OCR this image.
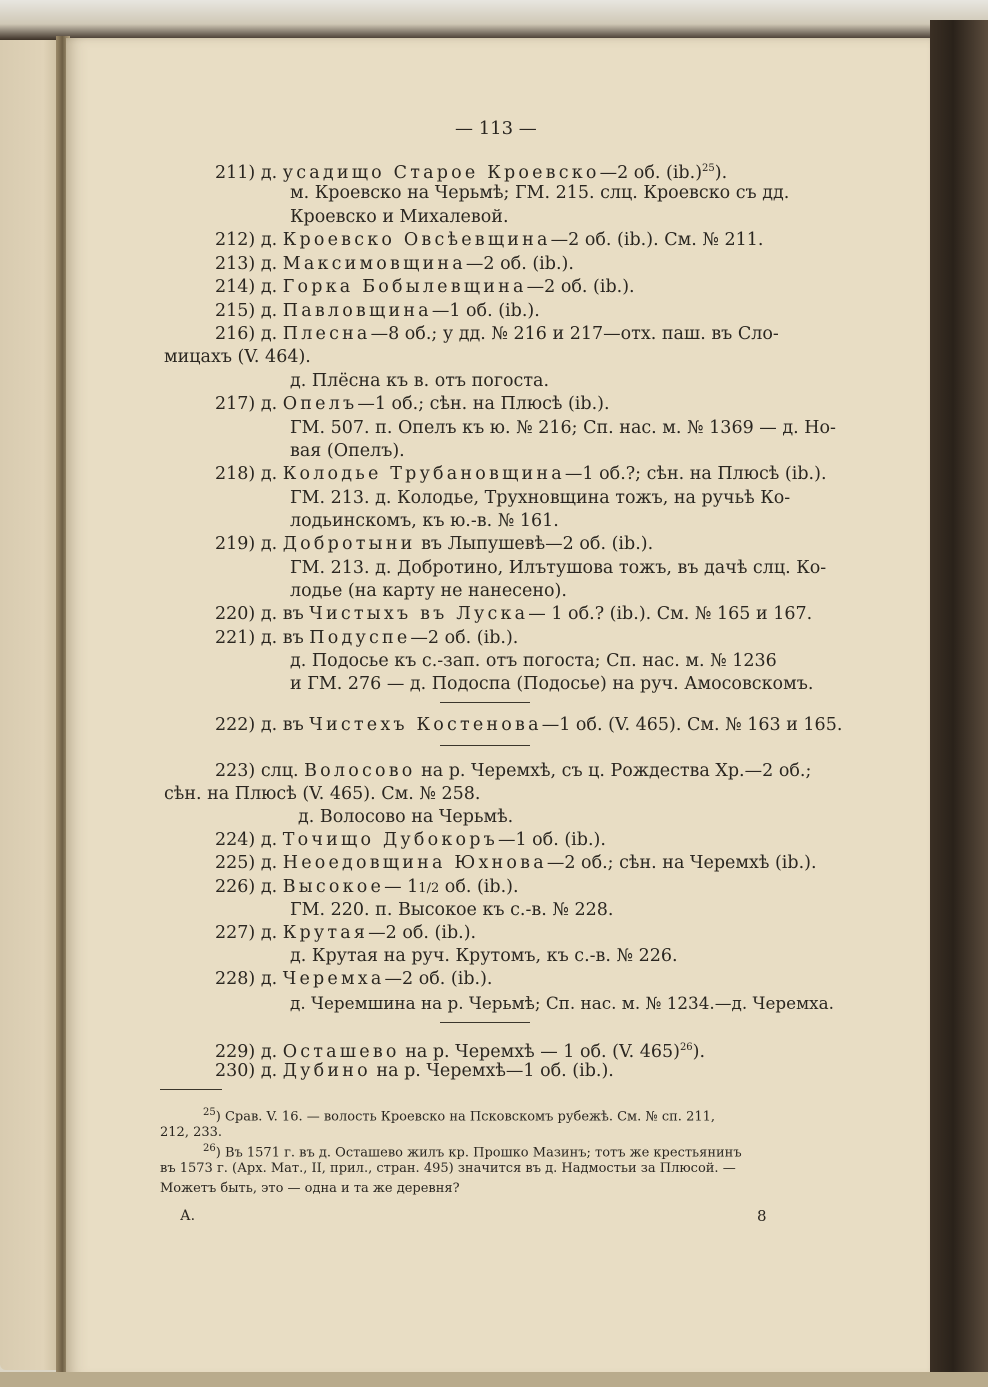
— 113 —
211) д. усадищо Старое Кроевско—2 об. $(ib.)^{25}$).
м. Кроевско на Черьмѣ; ГМ. 215. слц. Кроевско съ дд.
Кроевско и Михалевой.
212) д. Кроевско Овсѣевщина—2 об. (ib.). См. № 211.
213) д. Максимовщина—2 об. (ib.).
214) д. Горка Бобылевщина—2 об. (ib.).
215) д. Павловщина—1 об. (ib.).
216) д. Плесна—8 об.; у дд. № 216 и 217—отх. паш. въ Сло-
мицахъ (V. 464).
д. Плёсна къ в. отъ погоста.
217) д. Опелъ—1 об.; сѣн. на Плюсѣ (ib.).
ГМ. 507. п. Опелъ къ ю. № 216; Сп. нас. м. № 1369 — д. Но-
вая (Опелъ).
218) д. Колодье Трубановщина—1 об.?; сѣн. на Плюсѣ (ib.).
ГМ. 213. д. Колодье, Трухновщина тожъ, на ручьѣ Ко-
лодьинскомъ, къ ю.-в. № 161.
219) д. Добротыни въ Лыпушевѣ—2 об. (ib.).
ГМ. 213. д. Добротино, Илътушова тожъ, въ дачѣ слц. Ко-
лодье (на карту не нанесено).
220) д. въ Чистыхъ въ Луска— 1 об.? (ib.). См. № 165 и 167.
221) д. въ Подуспе—2 об. (ib.).
д. Подосье къ с.-зап. отъ погоста; Сп. нас. м. № 1236
и ГМ. 276 — д. Подоспа (Подосье) на руч. Амосовскомъ.
222) д. въ Чистехъ Костенова—1 об. (V. 465). См. № 163 и 165.
223) слц. Волосово на р. Черемхѣ, съ ц. Рождества Хр.—2 об.;
сѣн. на Плюсѣ (V. 465). См. № 258.
д. Волосово на Черьмѣ.
224) д. Точищо Дубокоръ—1 об. (ib.).
225) д. Неоедовщина Юхнова—2 об.; сѣн. на Черемхѣ (ib.).
226) д. Высокое— 11/2 об. (ib.).
ГМ. 220. п. Высокое къ с.-в. № 228.
227) д. Крутая—2 об. (ib.).
д. Крутая на руч. Крутомъ, къ с.-в. № 226.
228) д. Черемха—2 об. (ib.).
д. Черемшина на р. Черьмѣ; Сп. нас. м. № 1234.—д. Черемха.
229) д. Осташево на р. Черемхѣ — 1 об. (V. 465)$^{26}$).
230) д. Дубино на р. Черемхѣ—1 об. (ib.).
$^{25}$) Срав. V. 16. — волость Кроевско на Псковскомъ рубежѣ. См. № сп. 211,
212, 233.
$^{26}$) Въ 1571 г. въ д. Осташево жилъ кр. Прошко Мазинъ; тотъ же крестьянинъ
въ 1573 г. (Арх. Мат., II, прил., стран. 495) значится въ д. Надмостьи за Плюсой. —
Можетъ быть, это — одна и та же деревня?
А.	8
